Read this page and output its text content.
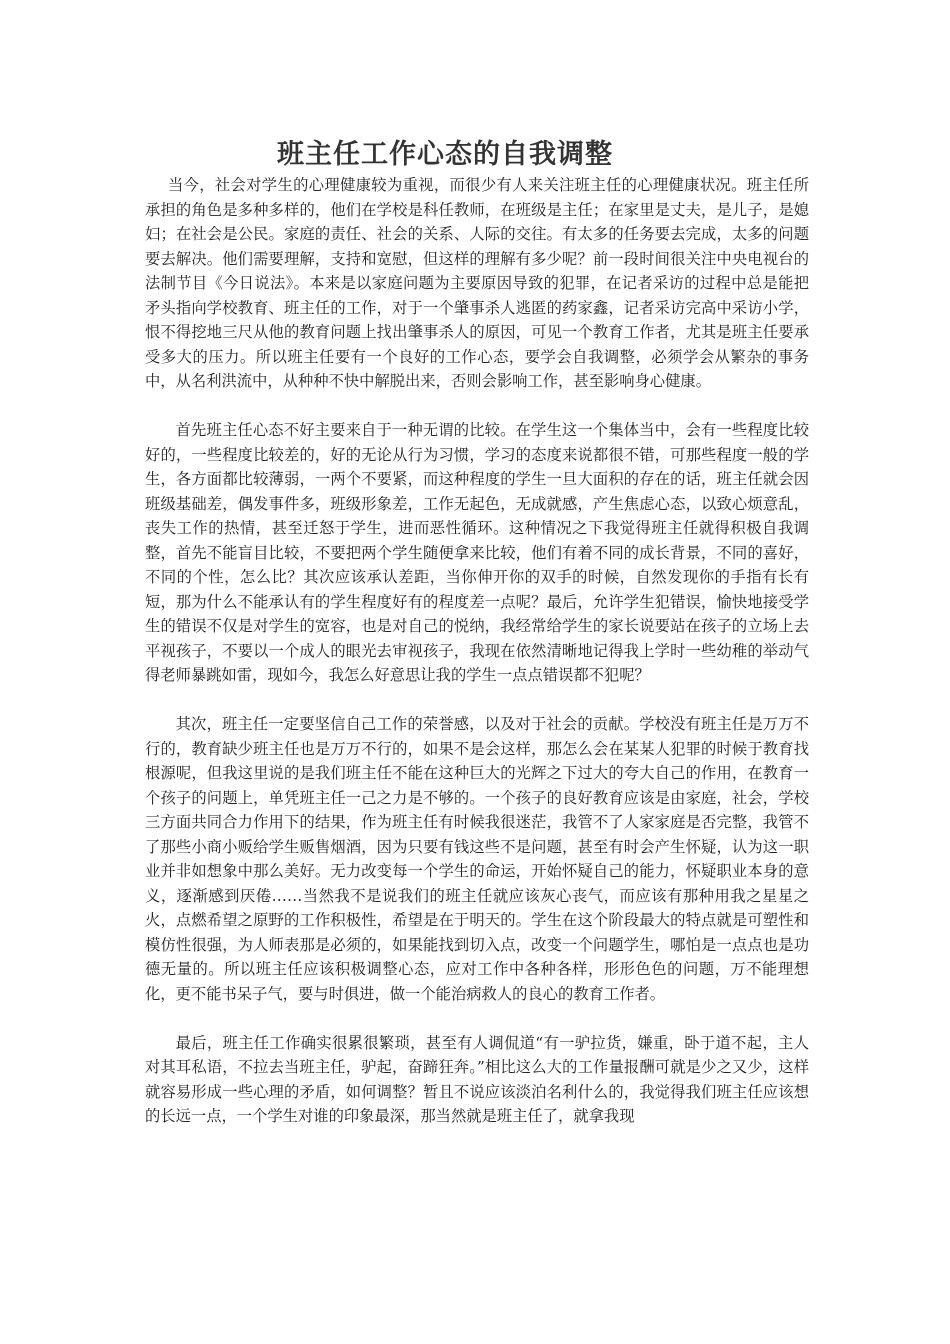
班主任工作心态的自我调整

当今，社会对学生的心理健康较为重视，而很少有人来关注班主任的心理健康状况。班主任所承担的角色是多种多样的，他们在学校是科任教师，在班级是主任；在家里是丈夫，是儿子，是媳妇；在社会是公民。家庭的责任、社会的关系、人际的交往。有太多的任务要去完成，太多的问题要去解决。他们需要理解，支持和宽慰，但这样的理解有多少呢？前一段时间很关注中央电视台的法制节目《今日说法》。本来是以家庭问题为主要原因导致的犯罪，在记者采访的过程中总是能把矛头指向学校教育、班主任的工作，对于一个肇事杀人逃匿的药家鑫，记者采访完高中采访小学，恨不得挖地三尺从他的教育问题上找出肇事杀人的原因，可见一个教育工作者，尤其是班主任要承受多大的压力。所以班主任要有一个良好的工作心态，要学会自我调整，必须学会从繁杂的事务中，从名利洪流中，从种种不快中解脱出来，否则会影响工作，甚至影响身心健康。

首先班主任心态不好主要来自于一种无谓的比较。在学生这一个集体当中，会有一些程度比较好的，一些程度比较差的，好的无论从行为习惯，学习的态度来说都很不错，可那些程度一般的学生，各方面都比较薄弱，一两个不要紧，而这种程度的学生一旦大面积的存在的话，班主任就会因班级基础差，偶发事件多，班级形象差，工作无起色，无成就感，产生焦虑心态，以致心烦意乱，丧失工作的热情，甚至迁怒于学生，进而恶性循环。这种情况之下我觉得班主任就得积极自我调整，首先不能盲目比较，不要把两个学生随便拿来比较，他们有着不同的成长背景，不同的喜好，不同的个性，怎么比？其次应该承认差距，当你伸开你的双手的时候，自然发现你的手指有长有短，那为什么不能承认有的学生程度好有的程度差一点呢？最后，允许学生犯错误，愉快地接受学生的错误不仅是对学生的宽容，也是对自己的悦纳，我经常给学生的家长说要站在孩子的立场上去平视孩子，不要以一个成人的眼光去审视孩子，我现在依然清晰地记得我上学时一些幼稚的举动气得老师暴跳如雷，现如今，我怎么好意思让我的学生一点点错误都不犯呢？

其次，班主任一定要坚信自己工作的荣誉感，以及对于社会的贡献。学校没有班主任是万万不行的，教育缺少班主任也是万万不行的，如果不是会这样，那怎么会在某某人犯罪的时候于教育找根源呢，但我这里说的是我们班主任不能在这种巨大的光辉之下过大的夸大自己的作用，在教育一个孩子的问题上，单凭班主任一己之力是不够的。一个孩子的良好教育应该是由家庭，社会，学校三方面共同合力作用下的结果，作为班主任有时候我很迷茫，我管不了人家家庭是否完整，我管不了那些小商小贩给学生贩售烟酒，因为只要有钱这些不是问题，甚至有时会产生怀疑，认为这一职业并非如想象中那么美好。无力改变每一个学生的命运，开始怀疑自己的能力，怀疑职业本身的意义，逐渐感到厌倦……当然我不是说我们的班主任就应该灰心丧气，而应该有那种用我之星星之火，点燃希望之原野的工作积极性，希望是在于明天的。学生在这个阶段最大的特点就是可塑性和模仿性很强，为人师表那是必须的，如果能找到切入点，改变一个问题学生，哪怕是一点点也是功德无量的。所以班主任应该积极调整心态，应对工作中各种各样，形形色色的问题，万不能理想化，更不能书呆子气，要与时俱进，做一个能治病救人的良心的教育工作者。

最后，班主任工作确实很累很繁琐，甚至有人调侃道“有一驴拉货，嫌重，卧于道不起，主人对其耳私语，不拉去当班主任，驴起，奋蹄狂奔。”相比这么大的工作量报酬可就是少之又少，这样就容易形成一些心理的矛盾，如何调整？暂且不说应该淡泊名利什么的，我觉得我们班主任应该想的长远一点，一个学生对谁的印象最深，那当然就是班主任了，就拿我现
